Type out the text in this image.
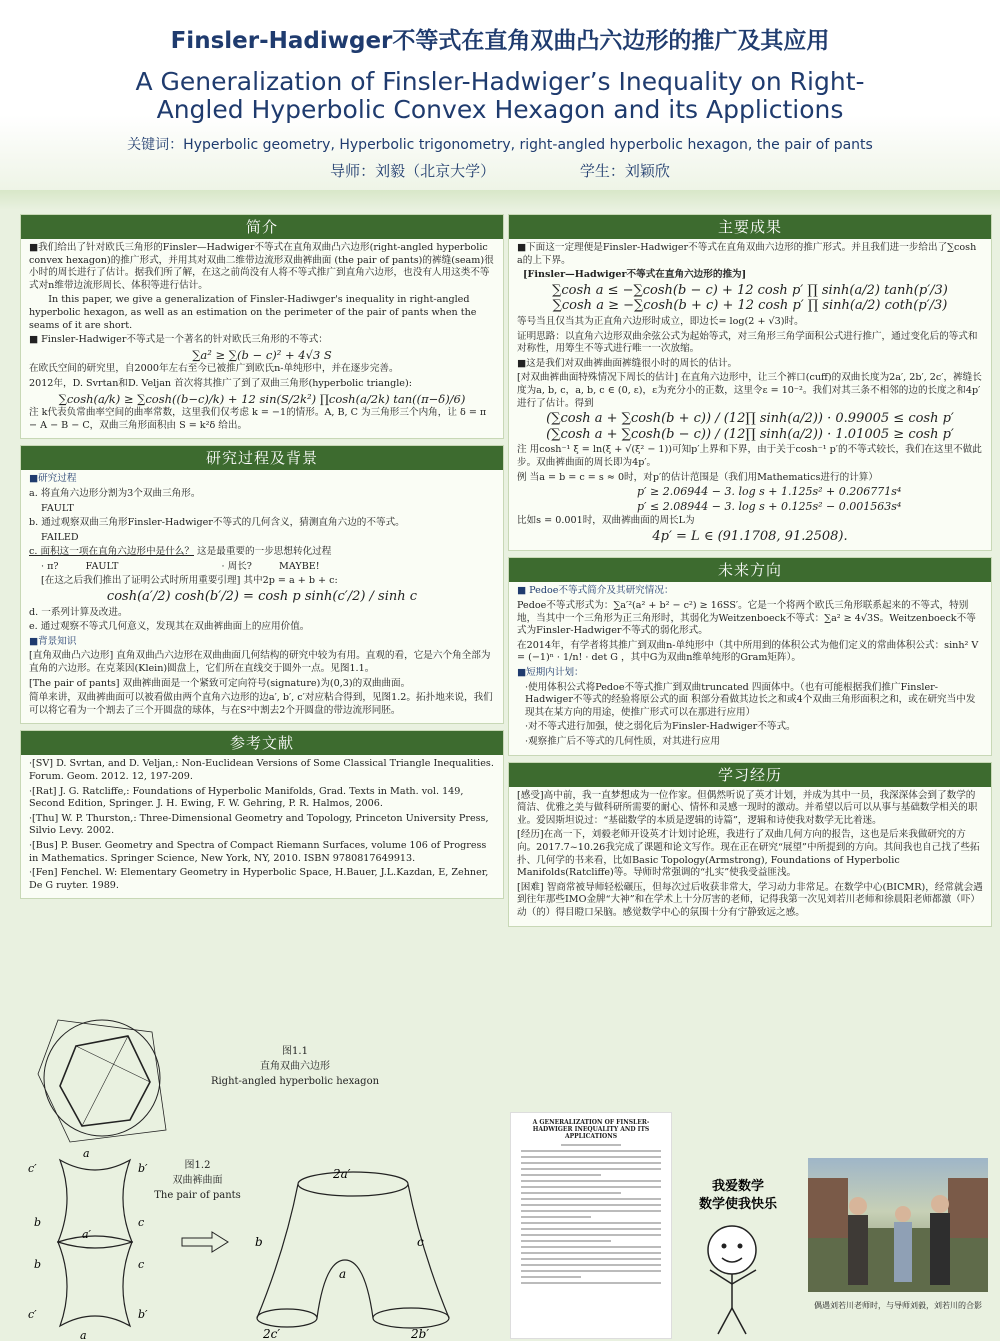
Finsler-Hadiwger不等式在直角双曲凸六边形的推广及其应用
A Generalization of Finsler-Hadwiger’s Inequality on Right-
Angled Hyperbolic Convex Hexagon and its Applictions
关键词：Hyperbolic geometry, Hyperbolic trigonometry, right-angled hyperbolic hexagon, the pair of pants
导师：刘毅（北京大学）	学生：刘颖欣
简介

■我们给出了针对欧氏三角形的Finsler—Hadwiger不等式在直角双曲凸六边形(right-angled hyperbolic convex hexagon)的推广形式，并用其对双曲二维带边流形双曲裤曲面 (the pair of pants)的裤缝(seam)很小时的周长进行了估计。据我们所了解，在这之前尚没有人将不等式推广到直角六边形，也没有人用这类不等式对n维带边流形周长、体积等进行估计。

In this paper, we give a generalization of Finsler-Hadiwger's inequality in right-angled hyperbolic hexagon, as well as an estimation on the perimeter of the pair of pants when the seams of it are short.

■ Finsler-Hadwiger不等式是一个著名的针对欧氏三角形的不等式：

∑a² ≥ ∑(b − c)² + 4√3 S

在欧氏空间的研究里，自2000年左右至今已被推广到欧氏n-单纯形中，并在逐步完善。

2012年，D. Svrtan和D. Veljan 首次将其推广了到了双曲三角形(hyperbolic triangle):

∑cosh(a/k) ≥ ∑cosh((b−c)/k) + 12 sin(S/2k²) ∏cosh(a/2k) tan((π−δ)/6)

注 k代表负常曲率空间的曲率常数，这里我们仅考虑 k = −1的情形。A, B, C 为三角形三个内角，让 δ = π − A − B − C，双曲三角形面积由 S = k²δ 给出。

研究过程及背景

■研究过程

a. 将直角六边形分割为3个双曲三角形。

FAULT

b. 通过观察双曲三角形Finsler-Hadwiger不等式的几何含义，猜测直角六边的不等式。

FAILED

c. 面积这一项在直角六边形中是什么？ 这是最重要的一步思想转化过程

· π?	FAULT	· 周长?	MAYBE!

[在这之后我们推出了证明公式时所用重要引理] 其中2p = a + b + c:

cosh(a′/2) cosh(b′/2) = cosh p sinh(c′/2) / sinh c

d. 一系列计算及改进。

e. 通过观察不等式几何意义，发现其在双曲裤曲面上的应用价值。

■背景知识

[直角双曲凸六边形] 直角双曲凸六边形在双曲曲面几何结构的研究中较为有用。直观的看，它是六个角全部为直角的六边形。在克莱因(Klein)圆盘上，它们所在直线交于圆外一点。见图1.1。

[The pair of pants] 双曲裤曲面是一个紧致可定向符号(signature)为(0,3)的双曲曲面。

简单来讲，双曲裤曲面可以被看做由两个直角六边形的边a′, b′, c′对应粘合得到，见图1.2。拓扑地来说，我们可以将它看为一个割去了三个开圆盘的球体，与在S²中割去2个开圆盘的带边流形同胚。

参考文献

·[SV] D. Svrtan, and D. Veljan,: Non-Euclidean Versions of Some Classical Triangle Inequalities. Forum. Geom. 2012. 12, 197-209.

·[Rat] J. G. Ratcliffe,: Foundations of Hyperbolic Manifolds, Grad. Texts in Math. vol. 149, Second Edition, Springer. J. H. Ewing, F. W. Gehring, P. R. Halmos, 2006.

·[Thu] W. P. Thurston,: Three-Dimensional Geometry and Topology, Princeton University Press, Silvio Levy. 2002.

·[Bus] P. Buser. Geometry and Spectra of Compact Riemann Surfaces, volume 106 of Progress in Mathematics. Springer Science, New York, NY, 2010. ISBN 9780817649913.

·[Fen] Fenchel. W: Elementary Geometry in Hyperbolic Space, H.Bauer, J.L.Kazdan, E, Zehner, De G ruyter. 1989.

主要成果

■下面这一定理便是Finsler-Hadwiger不等式在直角双曲六边形的推广形式。并且我们进一步给出了∑cosh a的上下界。

[Finsler—Hadwiger不等式在直角六边形的推为]

∑cosh a ≤ −∑cosh(b − c) + 12 cosh p′ ∏ sinh(a/2) tanh(p′/3)
∑cosh a ≥ −∑cosh(b + c) + 12 cosh p′ ∏ sinh(a/2) coth(p′/3)

等号当且仅当其为正直角六边形时成立，即边长= log(2 + √3)时。

证明思路：以直角六边形双曲余弦公式为起始等式，对三角形三角学面积公式进行推广，通过变化后的等式和对称性，用筹生不等式进行唯一一次放缩。

■这是我们对双曲裤曲面裤缝很小时的周长的估计。

[对双曲裤曲面特殊情况下周长的估计] 在直角六边形中，让三个裤口(cuff)的双曲长度为2a′, 2b′, 2c′，裤缝长度为a, b, c，a, b, c ∈ (0, ε)，ε为充分小的正数，这里令ε = 10⁻²。我们对其三条不相邻的边的长度之和4p′进行了估计。得到

(∑cosh a + ∑cosh(b + c)) / (12∏ sinh(a/2)) · 0.99005 ≤ cosh p′
(∑cosh a + ∑cosh(b − c)) / (12∏ sinh(a/2)) · 1.01005 ≥ cosh p′

注 用cosh⁻¹ ξ = ln(ξ + √(ξ² − 1))可知p′上界和下界，由于关于cosh⁻¹ p′的不等式较长，我们在这里不做此步。双曲裤曲面的周长即为4p′。

例 当a = b = c = s ≈ 0时，对p′的估计范围是（我们用Mathematics进行的计算）

p′ ≥ 2.06944 − 3. log s + 1.125s² + 0.206771s⁴

p′ ≤ 2.08944 − 3. log s + 0.125s² − 0.001563s⁴

比如s = 0.001时，双曲裤曲面的周长L为

4p′ = L ∈ (91.1708, 91.2508).
未来方向

■ Pedoe不等式简介及其研究情况：

Pedoe不等式形式为：∑a′²(a² + b² − c²) ≥ 16SS′。它是一个将两个欧氏三角形联系起来的不等式，特别地，当其中一个三角形为正三角形时，其弱化为Weitzenboeck不等式：∑a² ≥ 4√3S。Weitzenboeck不等式为Finsler-Hadwiger不等式的弱化形式。

在2014年，有学者将其推广到双曲n-单纯形中（其中所用到的体积公式为他们定义的常曲体积公式：sinh² V = (−1)ⁿ · 1/n! · det G ，其中G为双曲n维单纯形的Gram矩阵）。

■短期内计划：

·使用体积公式将Pedoe不等式推广到双曲truncated 四面体中。（也有可能根据我们推广Finsler-Hadwiger不等式的经验将原公式的面 积部分看做其边长之和或4个双曲三角形面积之和，或在研究当中发现其在某方向的用途，使推广形式可以在那进行应用）

·对不等式进行加强，使之弱化后为Finsler-Hadwiger不等式。

·观察推广后不等式的几何性质，对其进行应用

学习经历

[感受]高中前，我一直梦想成为一位作家。但偶然听说了英才计划，并成为其中一员，我深深体会到了数学的简洁、优雅之美与做科研所需要的耐心、情怀和灵感一现时的激动。并希望以后可以从事与基础数学相关的职业。爱因斯坦说过：“基础数学的本质是逻辑的诗篇”，逻辑和诗使我对数学无比着迷。

[经历]在高一下，刘毅老师开设英才计划讨论班，我进行了双曲几何方向的报告，这也是后来我做研究的方向。2017.7~10.26我完成了课题和论文写作。现在正在研究“展望”中所提到的方向。其间我也自己找了些拓扑、几何学的书来看，比如Basic Topology(Armstrong), Foundations of Hyperbolic Manifolds(Ratcliffe)等。导师时常强调的“扎实”使我受益匪浅。

[困难] 智商常被导师轻松碾压，但每次过后收获非常大，学习动力非常足。在数学中心(BICMR)，经常就会遇到往年那些IMO金牌“大神”和在学术上十分厉害的老师，记得我第一次见刘若川老师和徐晨阳老师都激（吓）动（的）得目瞪口呆脑。感觉数学中心的氛围十分有宁静致远之感。

图1.1
直角双曲六边形
Right-angled hyperbolic hexagon
a
c′	b′
b	c
a′
b	c
c′	b′
a
图1.2
双曲裤曲面
The pair of pants
2a′
b	c
a
2c′	2b′
A GENERALIZATION OF FINSLER-HADWIGER INEQUALITY AND ITS APPLICATIONS
我爱数学
数学使我快乐
偶遇刘若川老师时，与导师刘毅，刘若川的合影
